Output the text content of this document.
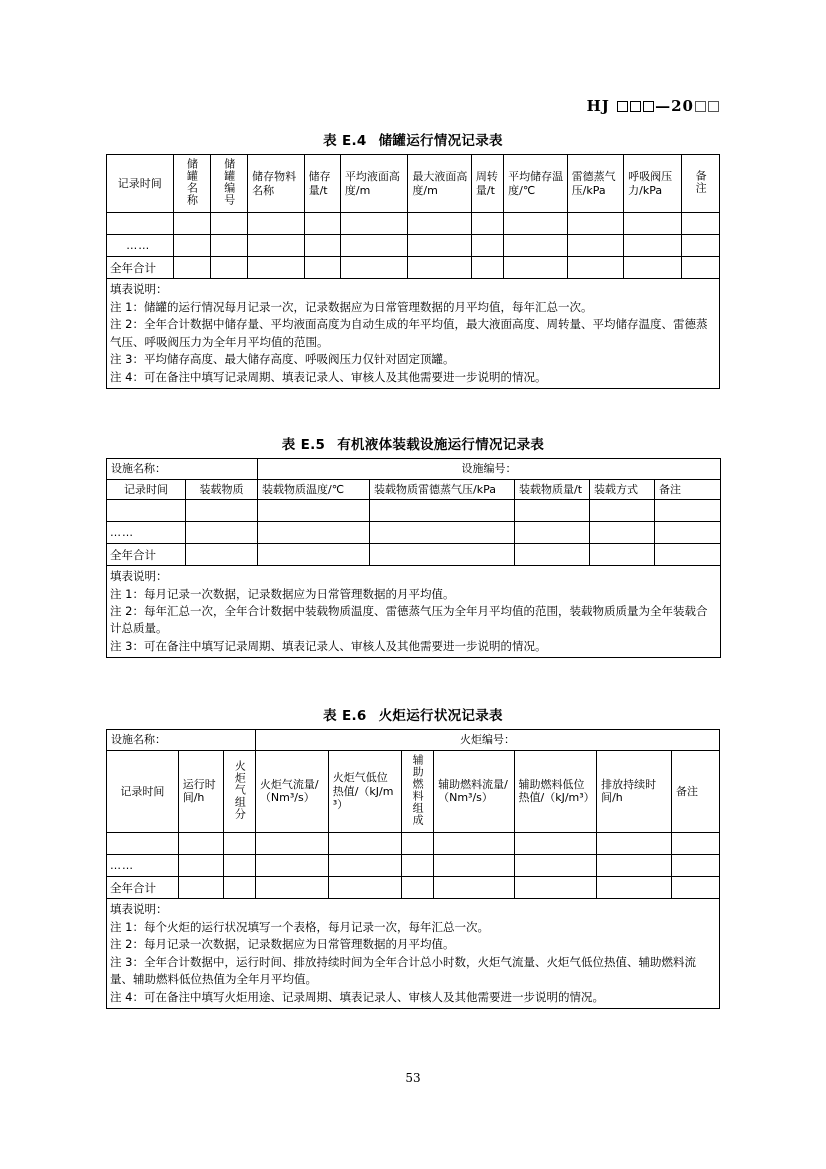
HJ	—20
表 E.4 储罐运行情况记录表
记录时间	储罐名称	储罐编号	储存物料名称	储存量/t	平均液面高度/m	最大液面高度/m	周转量/t	平均储存温度/℃	雷德蒸气压/kPa	呼吸阀压力/kPa	备注

……											
全年合计											

填表说明：
注 1：储罐的运行情况每月记录一次，记录数据应为日常管理数据的月平均值，每年汇总一次。
注 2：全年合计数据中储存量、平均液面高度为自动生成的年平均值，最大液面高度、周转量、平均储存温度、雷德蒸气压、呼吸阀压力为全年月平均值的范围。
注 3：平均储存高度、最大储存高度、呼吸阀压力仅针对固定顶罐。
注 4：可在备注中填写记录周期、填表记录人、审核人及其他需要进一步说明的情况。											
表 E.5 有机液体装载设施运行情况记录表
设施名称：		设施编号：				
记录时间	装载物质	装载物质温度/℃	装载物质雷德蒸气压/kPa	装载物质量/t	装载方式	备注

……						
全年合计						

填表说明：
注 1：每月记录一次数据，记录数据应为日常管理数据的月平均值。
注 2：每年汇总一次，全年合计数据中装载物质温度、雷德蒸气压为全年月平均值的范围，装载物质质量为全年装载合计总质量。
注 3：可在备注中填写记录周期、填表记录人、审核人及其他需要进一步说明的情况。						
表 E.6 火炬运行状况记录表
设施名称：			火炬编号：						
记录时间	运行时间/h	火炬气组分	火炬气流量/（Nm³/s）	火炬气低位热值/（kJ/m³）	辅助燃料组成	辅助燃料流量/（Nm³/s）	辅助燃料低位热值/（kJ/m³）	排放持续时间/h	备注

……									
全年合计									

填表说明：
注 1：每个火炬的运行状况填写一个表格，每月记录一次，每年汇总一次。
注 2：每月记录一次数据，记录数据应为日常管理数据的月平均值。
注 3：全年合计数据中，运行时间、排放持续时间为全年合计总小时数，火炬气流量、火炬气低位热值、辅助燃料流量、辅助燃料低位热值为全年月平均值。
注 4：可在备注中填写火炬用途、记录周期、填表记录人、审核人及其他需要进一步说明的情况。									
53
